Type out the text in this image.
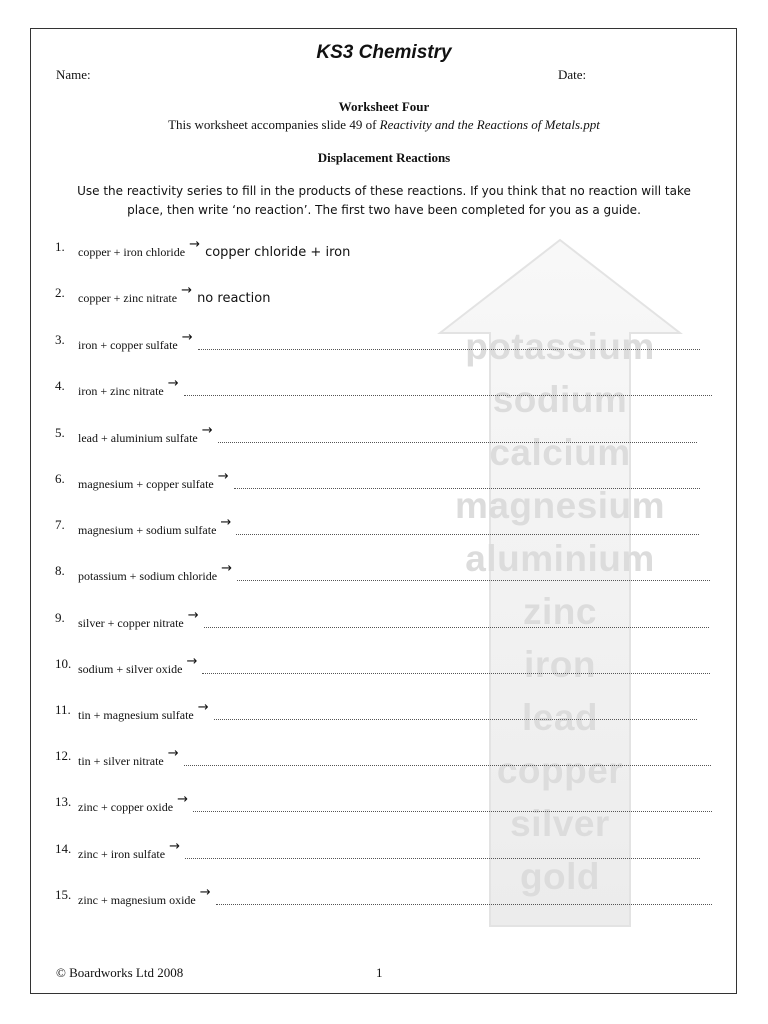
KS3 Chemistry
Name:	Date:
Worksheet Four
This worksheet accompanies slide 49 of Reactivity and the Reactions of Metals.ppt
Displacement Reactions
Use the reactivity series to fill in the products of these reactions. If you think that no reaction will take place, then write ‘no reaction’. The first two have been completed for you as a guide.
potassium
sodium
calcium
magnesium
aluminium
zinc
iron
lead
copper
silver
gold
1. copper + iron chloride →
copper chloride + iron
2. copper + zinc nitrate →
no reaction
3. iron + copper sulfate →
4. iron + zinc nitrate →
5. lead + aluminium sulfate →
6. magnesium + copper sulfate →
7. magnesium + sodium sulfate →
8. potassium + sodium chloride →
9. silver + copper nitrate →
10. sodium + silver oxide →
11. tin + magnesium sulfate →
12. tin + silver nitrate →
13. zinc + copper oxide →
14. zinc + iron sulfate →
15. zinc + magnesium oxide →
© Boardworks Ltd 2008	1
